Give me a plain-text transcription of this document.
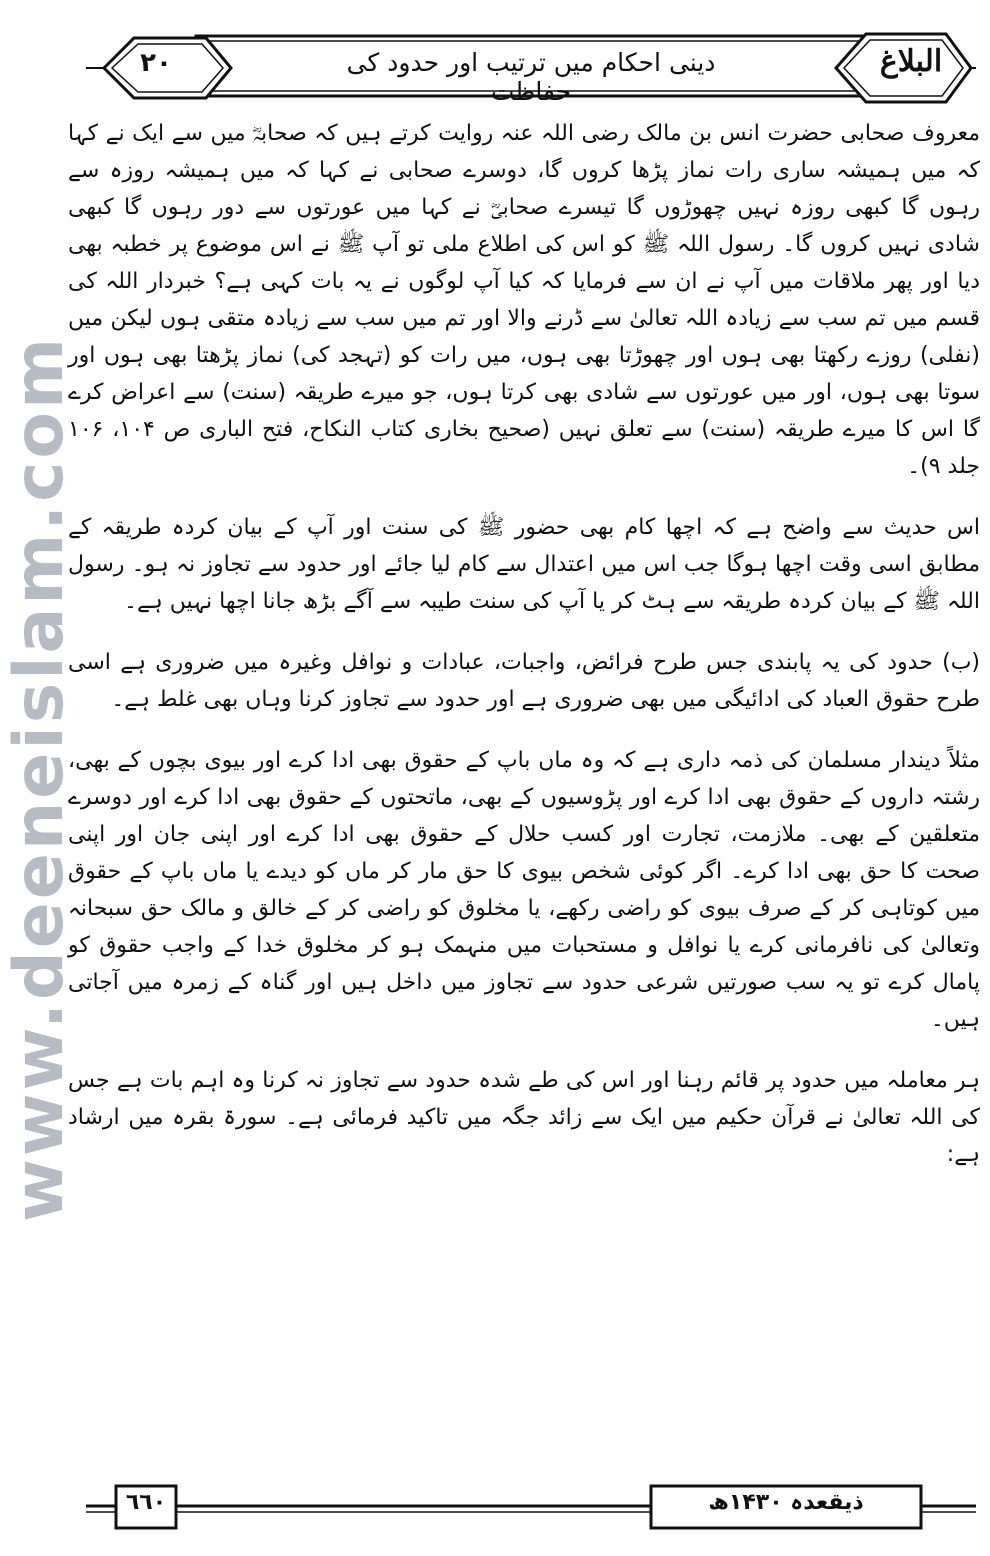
www.deeneislam.com
٢٠	دینی احکام میں ترتیب اور حدود کی حفاظت
البلاغ

معروف صحابی حضرت انس بن مالک رضی اللہ عنہ روایت کرتے ہیں کہ صحابہؓ میں سے ایک نے کہا کہ میں ہمیشہ ساری رات نماز پڑھا کروں گا، دوسرے صحابی نے کہا کہ میں ہمیشہ روزہ سے رہوں گا کبھی روزہ نہیں چھوڑوں گا تیسرے صحابیؓ نے کہا میں عورتوں سے دور رہوں گا کبھی شادی نہیں کروں گا۔ رسول اللہ ﷺ کو اس کی اطلاع ملی تو آپ ﷺ نے اس موضوع پر خطبہ بھی دیا اور پھر ملاقات میں آپ نے ان سے فرمایا کہ کیا آپ لوگوں نے یہ بات کہی ہے؟ خبردار اللہ کی قسم میں تم سب سے زیادہ اللہ تعالیٰ سے ڈرنے والا اور تم میں سب سے زیادہ متقی ہوں لیکن میں (نفلی) روزے رکھتا بھی ہوں اور چھوڑتا بھی ہوں، میں رات کو (تہجد کی) نماز پڑھتا بھی ہوں اور سوتا بھی ہوں، اور میں عورتوں سے شادی بھی کرتا ہوں، جو میرے طریقہ (سنت) سے اعراض کرے گا اس کا میرے طریقہ (سنت) سے تعلق نہیں (صحیح بخاری کتاب النکاح، فتح الباری ص ۱۰۴، ۱۰۶ جلد ۹)۔

اس حدیث سے واضح ہے کہ اچھا کام بھی حضور ﷺ کی سنت اور آپ کے بیان کردہ طریقہ کے مطابق اسی وقت اچھا ہوگا جب اس میں اعتدال سے کام لیا جائے اور حدود سے تجاوز نہ ہو۔ رسول اللہ ﷺ کے بیان کردہ طریقہ سے ہٹ کر یا آپ کی سنت طیبہ سے آگے بڑھ جانا اچھا نہیں ہے۔

(ب) حدود کی یہ پابندی جس طرح فرائض، واجبات، عبادات و نوافل وغیرہ میں ضروری ہے اسی طرح حقوق العباد کی ادائیگی میں بھی ضروری ہے اور حدود سے تجاوز کرنا وہاں بھی غلط ہے۔

مثلاً دیندار مسلمان کی ذمہ داری ہے کہ وہ ماں باپ کے حقوق بھی ادا کرے اور بیوی بچوں کے بھی، رشتہ داروں کے حقوق بھی ادا کرے اور پڑوسیوں کے بھی، ماتحتوں کے حقوق بھی ادا کرے اور دوسرے متعلقین کے بھی۔ ملازمت، تجارت اور کسب حلال کے حقوق بھی ادا کرے اور اپنی جان اور اپنی صحت کا حق بھی ادا کرے۔ اگر کوئی شخص بیوی کا حق مار کر ماں کو دیدے یا ماں باپ کے حقوق میں کوتاہی کر کے صرف بیوی کو راضی رکھے، یا مخلوق کو راضی کر کے خالق و مالک حق سبحانہ وتعالیٰ کی نافرمانی کرے یا نوافل و مستحبات میں منہمک ہو کر مخلوق خدا کے واجب حقوق کو پامال کرے تو یہ سب صورتیں شرعی حدود سے تجاوز میں داخل ہیں اور گناہ کے زمرہ میں آجاتی ہیں۔

ہر معاملہ میں حدود پر قائم رہنا اور اس کی طے شدہ حدود سے تجاوز نہ کرنا وہ اہم بات ہے جس کی اللہ تعالیٰ نے قرآن حکیم میں ایک سے زائد جگہ میں تاکید فرمائی ہے۔ سورۃ بقرہ میں ارشاد ہے:

٦٦٠	ذیقعدہ ۱۴۳۰ھ
